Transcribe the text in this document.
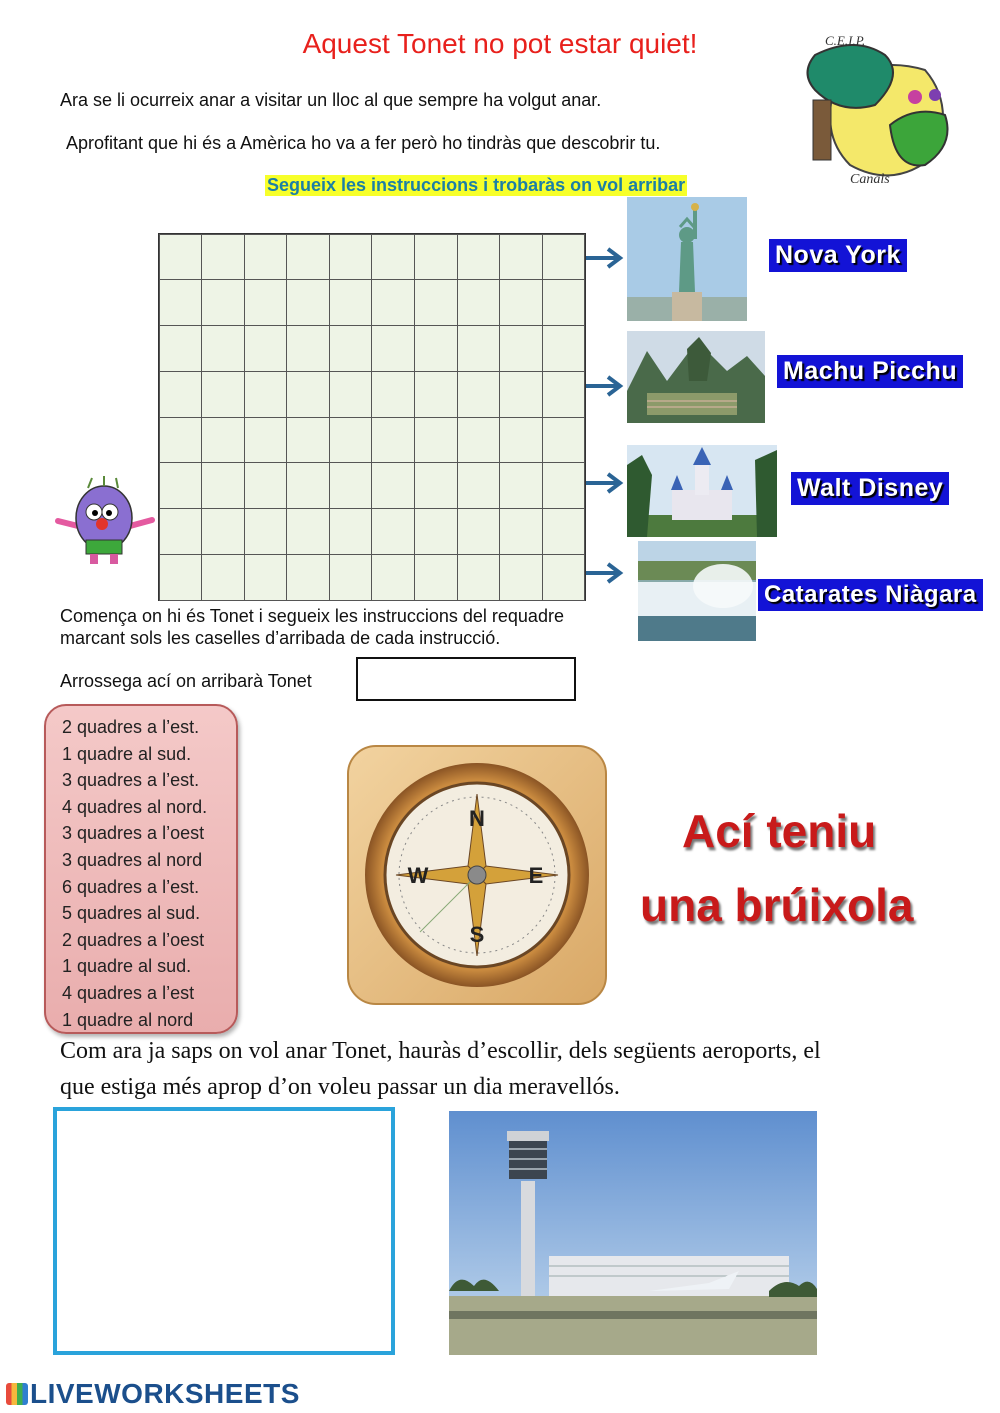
Aquest Tonet no pot estar quiet!	C.E.I.P.
Canals
Ara se li ocurreix anar a visitar un lloc al que sempre ha volgut anar.
Aprofitant que hi és a Amèrica ho va a fer però ho tindràs que descobrir tu.
Segueix les instruccions i trobaràs on vol arribar
Nova York
Machu Picchu
Walt Disney
Catarates Niàgara
Comença on hi és Tonet i segueix les instruccions del requadre
marcant sols les caselles d’arribada de cada instrucció.
Arrossega ací on arribarà Tonet
2 quadres a l’est.
1 quadre al sud.
3 quadres a l’est.
4 quadres al nord.
3 quadres a l’oest
3 quadres al nord
6 quadres a l’est.
5 quadres al sud.
2 quadres a l’oest
1 quadre al sud.
4 quadres a l’est
1 quadre al nord
N
S
E
W
Ací teniu
una brúixola
Com ara ja saps on vol anar Tonet, hauràs d’escollir, dels següents aeroports, el
que estiga més aprop d’on voleu passar un dia meravellós.
LIVEWORKSHEETS
